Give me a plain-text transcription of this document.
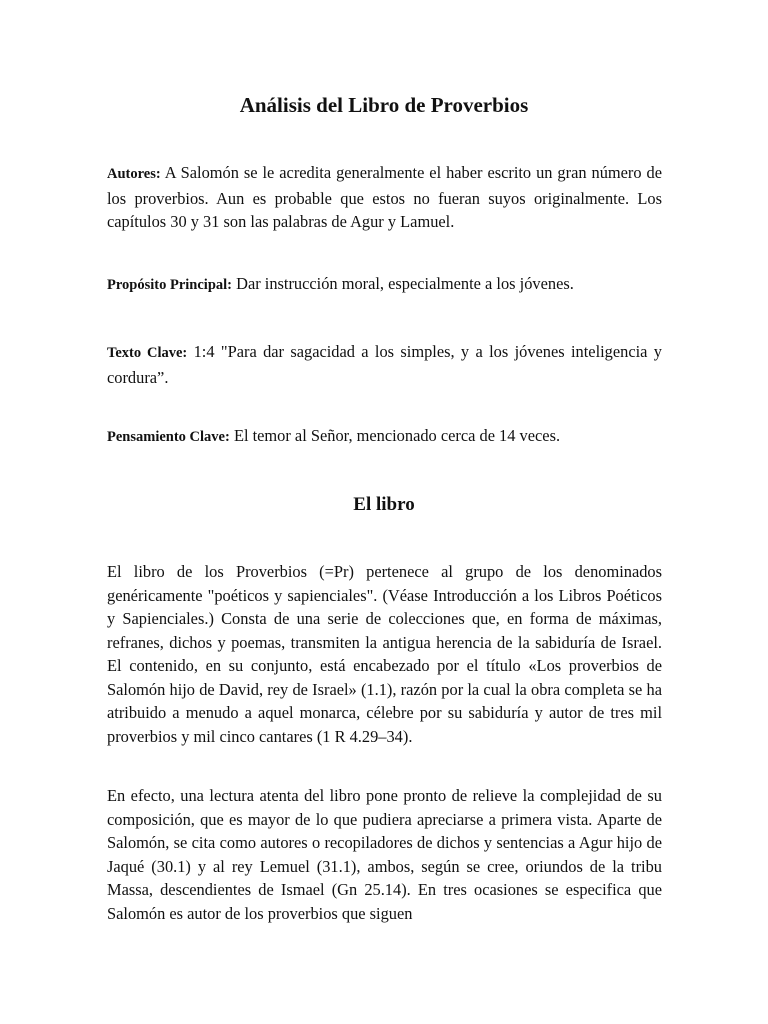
Análisis del Libro de Proverbios
Autores: A Salomón se le acredita generalmente el haber escrito un gran número de los proverbios. Aun es probable que estos no fueran suyos originalmente. Los capítulos 30 y 31 son las palabras de Agur y Lamuel.
Propósito Principal: Dar instrucción moral, especialmente a los jóvenes.
Texto Clave: 1:4 "Para dar sagacidad a los simples, y a los jóvenes inteligencia y cordura”.
Pensamiento Clave: El temor al Señor, mencionado cerca de 14 veces.
El libro
El libro de los Proverbios (=Pr) pertenece al grupo de los denominados genéricamente "poéticos y sapienciales". (Véase Introducción a los Libros Poéticos y Sapienciales.) Consta de una serie de colecciones que, en forma de máximas, refranes, dichos y poemas, transmiten la antigua herencia de la sabiduría de Israel. El contenido, en su conjunto, está encabezado por el título «Los proverbios de Salomón hijo de David, rey de Israel» (1.1), razón por la cual la obra completa se ha atribuido a menudo a aquel monarca, célebre por su sabiduría y autor de tres mil proverbios y mil cinco cantares (1 R 4.29–34).
En efecto, una lectura atenta del libro pone pronto de relieve la complejidad de su composición, que es mayor de lo que pudiera apreciarse a primera vista. Aparte de Salomón, se cita como autores o recopiladores de dichos y sentencias a Agur hijo de Jaqué (30.1) y al rey Lemuel (31.1), ambos, según se cree, oriundos de la tribu Massa, descendientes de Ismael (Gn 25.14). En tres ocasiones se especifica que Salomón es autor de los proverbios que siguen
